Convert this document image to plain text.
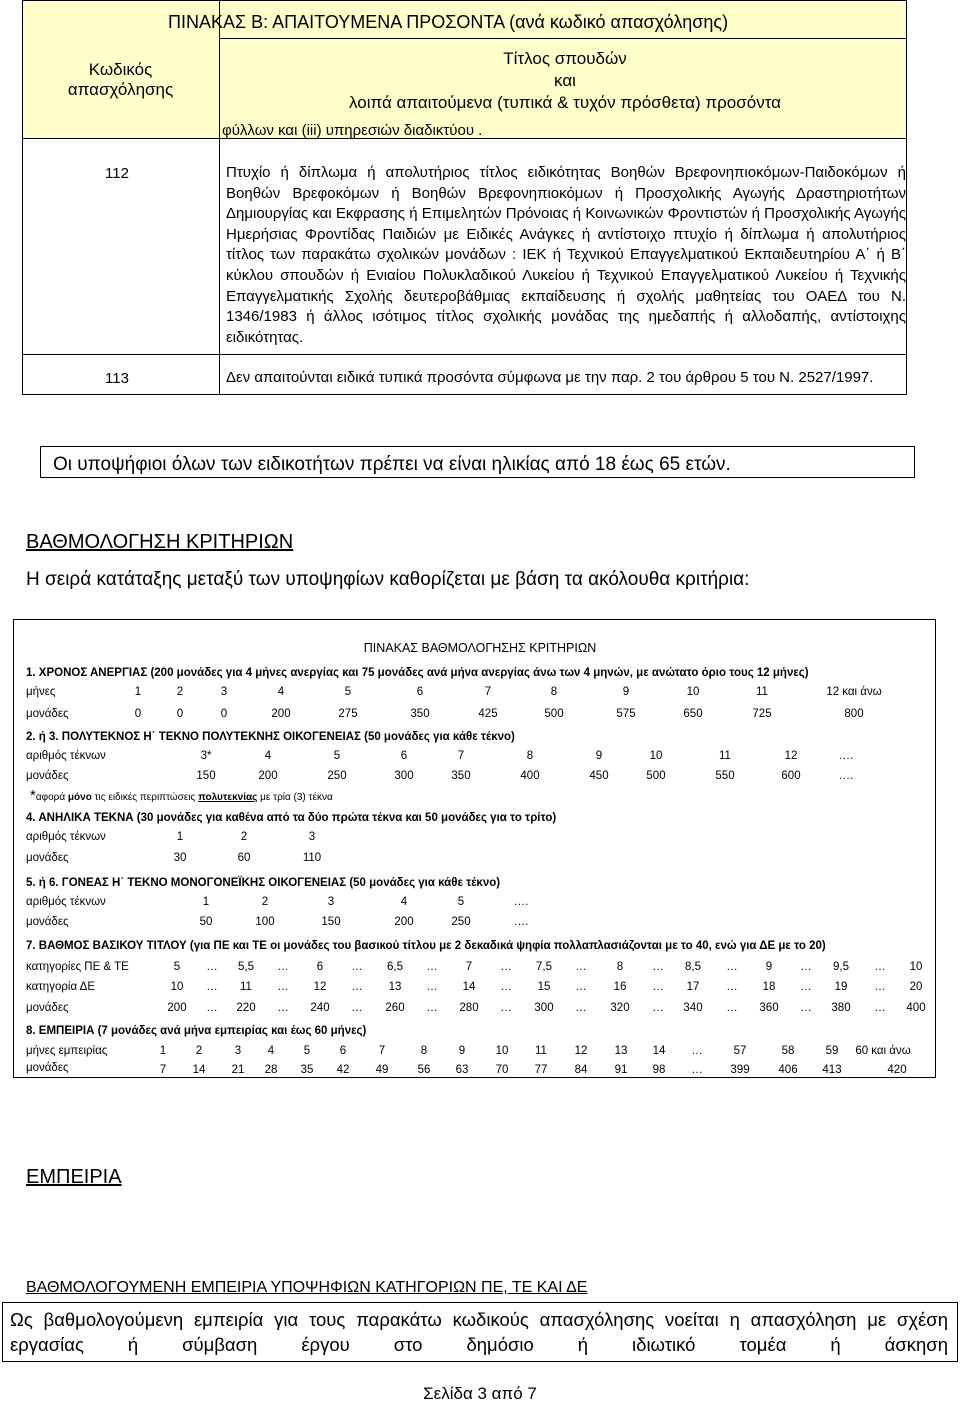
ΠΙΝΑΚΑΣ Β: ΑΠΑΙΤΟΥΜΕΝΑ ΠΡΟΣΟΝΤΑ (ανά κωδικό απασχόλησης)
Κωδικός
απασχόλησης
Τίτλος σπουδών
και
λοιπά απαιτούμενα (τυπικά & τυχόν πρόσθετα) προσόντα
φύλλων και (iii) υπηρεσιών διαδικτύου .
112	Πτυχίο ή δίπλωμα ή απολυτήριος τίτλος ειδικότητας Βοηθών Βρεφονηπιοκόμων-Παιδοκόμων ή Βοηθών Βρεφοκόμων ή Βοηθών Βρεφονηπιοκόμων ή Προσχολικής Αγωγής Δραστηριοτήτων Δημιουργίας και Εκφρασης ή Επιμελητών Πρόνοιας ή Κοινωνικών Φροντιστών ή Προσχολικής Αγωγής Ημερήσιας Φροντίδας Παιδιών με Ειδικές Ανάγκες ή αντίστοιχο πτυχίο ή δίπλωμα ή απολυτήριος τίτλος των παρακάτω σχολικών μονάδων : ΙΕΚ ή Τεχνικού Επαγγελματικού Εκπαιδευτηρίου Α΄ ή Β΄ κύκλου σπουδών ή Ενιαίου Πολυκλαδικού Λυκείου ή Τεχνικού Επαγγελματικού Λυκείου ή Τεχνικής Επαγγελματικής Σχολής δευτεροβάθμιας εκπαίδευσης ή σχολής μαθητείας του ΟΑΕΔ του Ν. 1346/1983 ή άλλος ισότιμος τίτλος σχολικής μονάδας της ημεδαπής ή αλλοδαπής, αντίστοιχης ειδικότητας.
113	Δεν απαιτούνται ειδικά τυπικά προσόντα σύμφωνα με την παρ. 2 του άρθρου 5 του Ν. 2527/1997.
Οι υποψήφιοι όλων των ειδικοτήτων πρέπει να είναι ηλικίας από 18 έως 65 ετών.
ΒΑΘΜΟΛΟΓΗΣΗ ΚΡΙΤΗΡΙΩΝ
Η σειρά κατάταξης μεταξύ των υποψηφίων καθορίζεται με βάση τα ακόλουθα κριτήρια:
ΠΙΝΑΚΑΣ ΒΑΘΜΟΛΟΓΗΣΗΣ ΚΡΙΤΗΡΙΩΝ
1. ΧΡΟΝΟΣ ΑΝΕΡΓΙΑΣ (200 μονάδες για 4 μήνες ανεργίας και 75 μονάδες ανά μήνα ανεργίας άνω των 4 μηνών, με ανώτατο όριο τους 12 μήνες)
μήνες	1	2	3	4	5	6	7	8	9	10	11	12 και άνω
μονάδες	0	0	0	200	275	350	425	500	575	650	725	800
2. ή 3. ΠΟΛΥΤΕΚΝΟΣ Η΄ ΤΕΚΝΟ ΠΟΛΥΤΕΚΝΗΣ ΟΙΚΟΓΕΝΕΙΑΣ (50 μονάδες για κάθε τέκνο)
αριθμός τέκνων	3*	4	5	6	7	8	9	10	11	12	….
μονάδες	150	200	250	300	350	400	450	500	550	600	….
*αφορά μόνο τις ειδικές περιπτώσεις πολυτεκνίας με τρία (3) τέκνα
4. ΑΝΗΛΙΚΑ ΤΕΚΝΑ (30 μονάδες για καθένα από τα δύο πρώτα τέκνα και 50 μονάδες για το τρίτο)
αριθμός τέκνων	1	2	3
μονάδες	30	60	110
5. ή 6. ΓΟΝΕΑΣ Η΄ ΤΕΚΝΟ ΜΟΝΟΓΟΝΕΪΚΗΣ ΟΙΚΟΓΕΝΕΙΑΣ (50 μονάδες για κάθε τέκνο)
αριθμός τέκνων	1	2	3	4	5	….
μονάδες	50	100	150	200	250	….
7. ΒΑΘΜΟΣ ΒΑΣΙΚΟΥ ΤΙΤΛΟΥ (για ΠΕ και ΤΕ οι μονάδες του βασικού τίτλου με 2 δεκαδικά ψηφία πολλαπλασιάζονται με το 40, ενώ για ΔΕ με το 20)
κατηγορίες ΠΕ & ΤΕ	5	…	5,5	…	6	…	6,5	…	7	…	7,5	…	8	…	8,5	…	9	…	9,5	…	10
κατηγορία ΔΕ	10	…	11	…	12	…	13	…	14	…	15	…	16	…	17	…	18	…	19	…	20
μονάδες	200	…	220	…	240	…	260	…	280	…	300	…	320	…	340	…	360	…	380	…	400
8. ΕΜΠΕΙΡΙΑ (7 μονάδες ανά μήνα εμπειρίας και έως 60 μήνες)
μήνες εμπειρίας	1	2	3	4	5	6	7	8	9	10	11	12	13	14	…	57	58	59	60 και άνω
μονάδες	7	14	21	28	35	42	49	56	63	70	77	84	91	98	…	399	406	413	420
ΕΜΠΕΙΡΙΑ
ΒΑΘΜΟΛΟΓΟΥΜΕΝΗ ΕΜΠΕΙΡΙΑ ΥΠΟΨΗΦΙΩΝ ΚΑΤΗΓΟΡΙΩΝ ΠΕ, ΤΕ ΚΑΙ ΔΕ
Ως βαθμολογούμενη εμπειρία για τους παρακάτω κωδικούς απασχόλησης νοείται η απασχόληση με σχέση εργασίας ή σύμβαση έργου στο δημόσιο ή ιδιωτικό τομέα ή άσκηση
Σελίδα 3 από 7
